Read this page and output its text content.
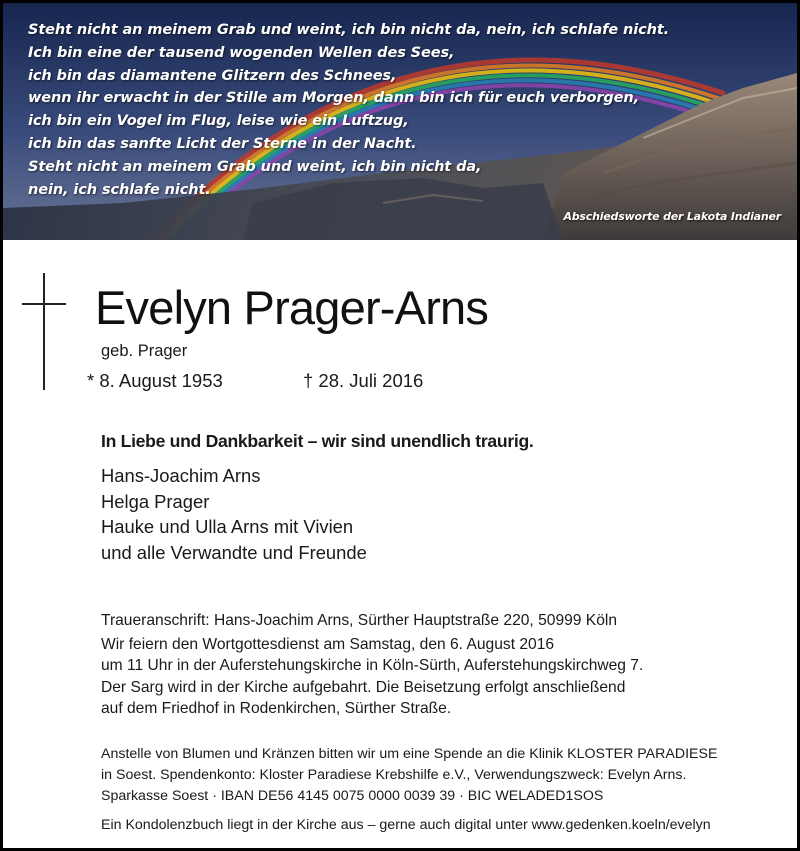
Steht nicht an meinem Grab und weint, ich bin nicht da, nein, ich schlafe nicht.
Ich bin eine der tausend wogenden Wellen des Sees,
ich bin das diamantene Glitzern des Schnees,
wenn ihr erwacht in der Stille am Morgen, dann bin ich für euch verborgen,
ich bin ein Vogel im Flug, leise wie ein Luftzug,
ich bin das sanfte Licht der Sterne in der Nacht.
Steht nicht an meinem Grab und weint, ich bin nicht da,
nein, ich schlafe nicht.
Abschiedsworte der Lakota Indianer
Evelyn Prager-Arns
geb. Prager
* 8. August 1953	† 28. Juli 2016
In Liebe und Dankbarkeit – wir sind unendlich traurig.
Hans-Joachim Arns
Helga Prager
Hauke und Ulla Arns mit Vivien
und alle Verwandte und Freunde
Traueranschrift: Hans-Joachim Arns, Sürther Hauptstraße 220, 50999 Köln
Wir feiern den Wortgottesdienst am Samstag, den 6. August 2016
um 11 Uhr in der Auferstehungskirche in Köln-Sürth, Auferstehungskirchweg 7.
Der Sarg wird in der Kirche aufgebahrt. Die Beisetzung erfolgt anschließend
auf dem Friedhof in Rodenkirchen, Sürther Straße.
Anstelle von Blumen und Kränzen bitten wir um eine Spende an die Klinik KLOSTER PARADIESE
in Soest. Spendenkonto: Kloster Paradiese Krebshilfe e.V., Verwendungszweck: Evelyn Arns.
Sparkasse Soest · IBAN DE56 4145 0075 0000 0039 39 · BIC WELADED1SOS
Ein Kondolenzbuch liegt in der Kirche aus – gerne auch digital unter www.gedenken.koeln/evelyn
